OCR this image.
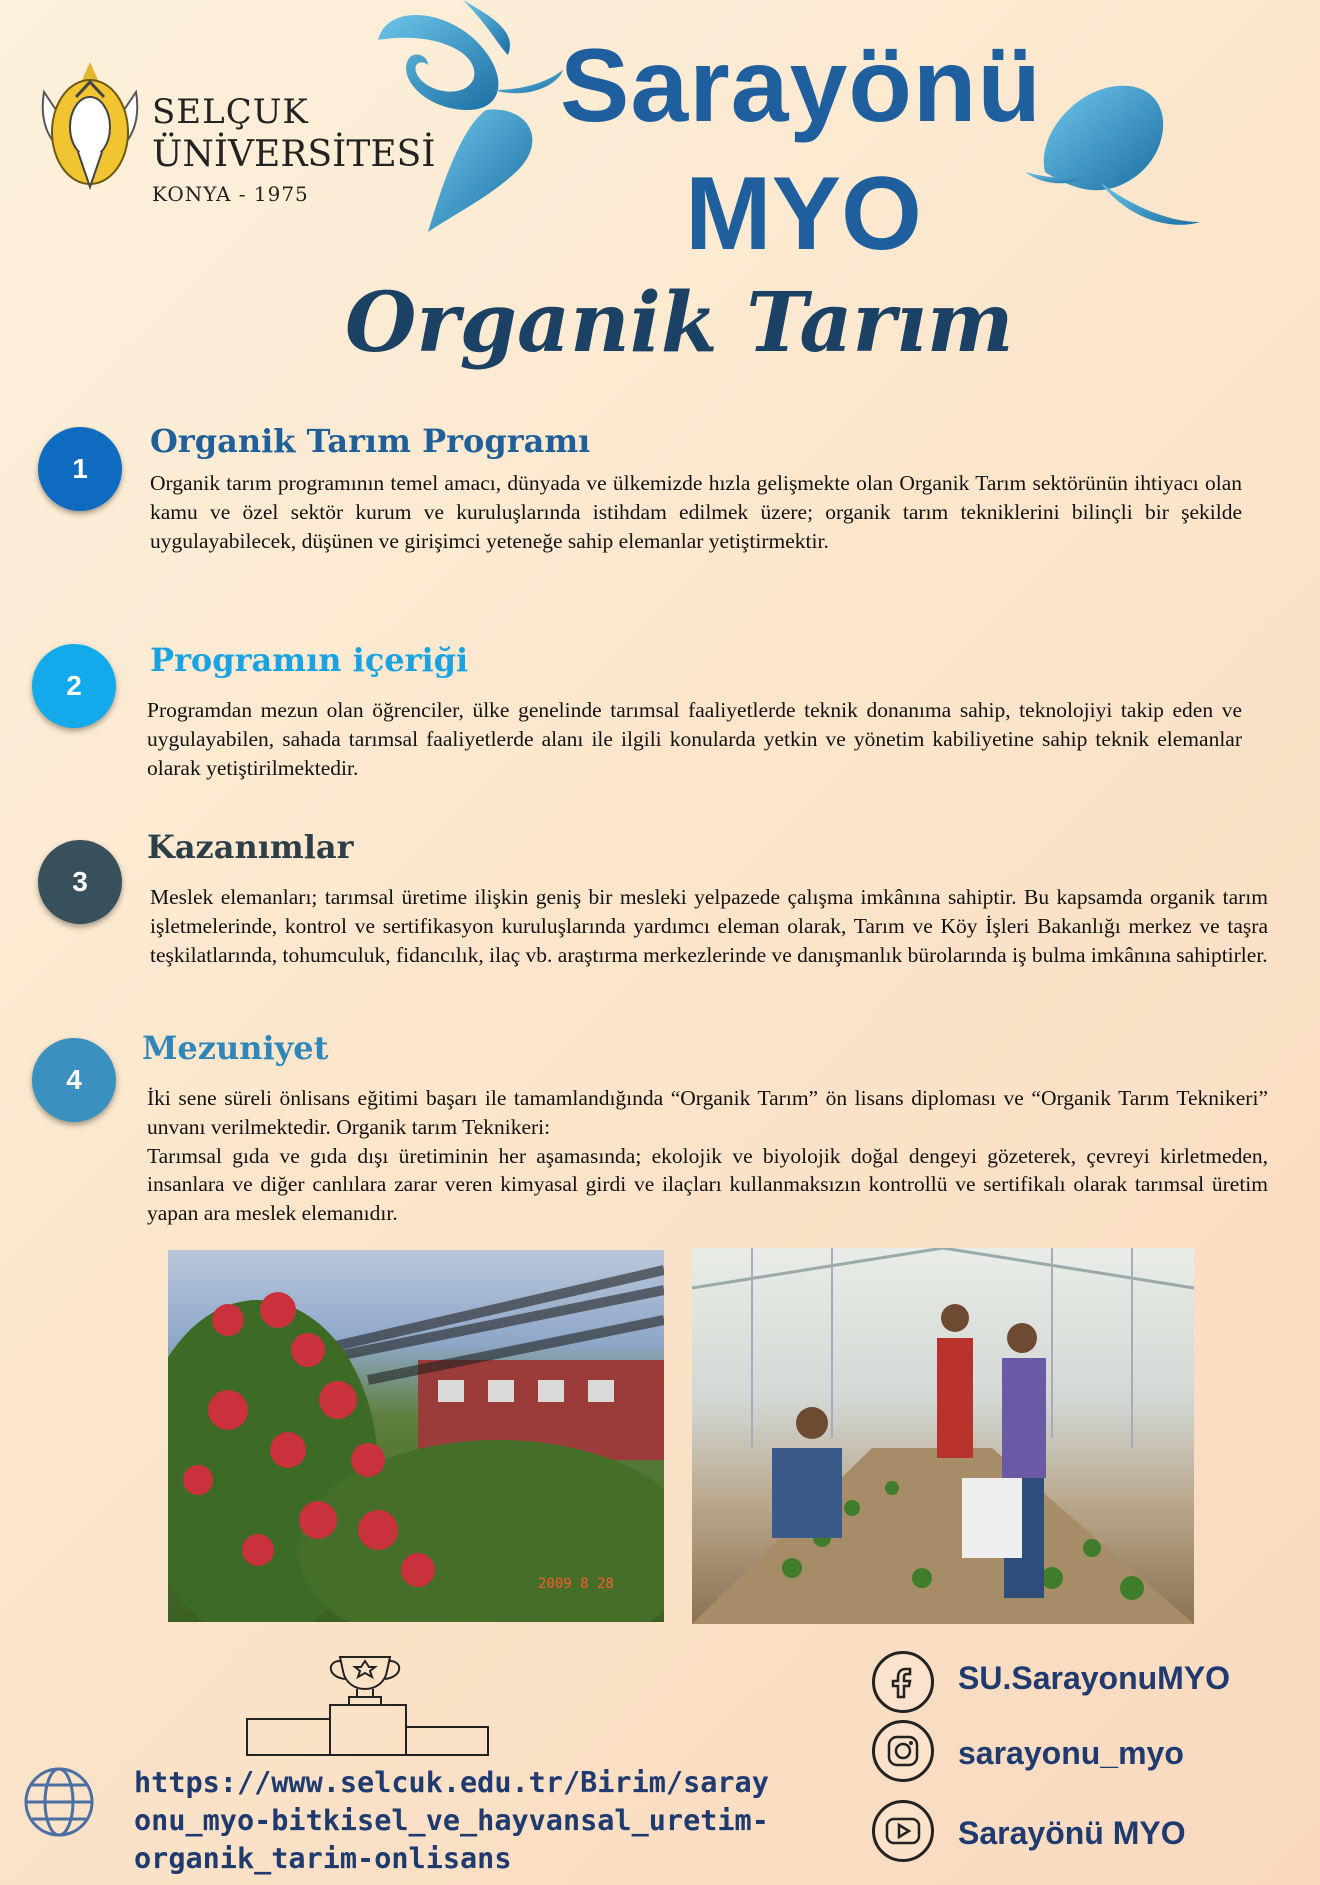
SELÇUK
ÜNİVERSİTESİ
KONYA - 1975
Sarayönü
MYO
Organik Tarım
1
Organik Tarım Programı
Organik tarım programının temel amacı, dünyada ve ülkemizde hızla gelişmekte olan Organik Tarım sektörünün ihtiyacı olan kamu ve özel sektör kurum ve kuruluşlarında istihdam edilmek üzere; organik tarım tekniklerini bilinçli bir şekilde uygulayabilecek, düşünen ve girişimci yeteneğe sahip elemanlar yetiştirmektir.
2
Programın içeriği
Programdan mezun olan öğrenciler, ülke genelinde tarımsal faaliyetlerde teknik donanıma sahip, teknolojiyi takip eden ve uygulayabilen, sahada tarımsal faaliyetlerde alanı ile ilgili konularda yetkin ve yönetim kabiliyetine sahip teknik elemanlar olarak yetiştirilmektedir.
3
Kazanımlar
Meslek elemanları; tarımsal üretime ilişkin geniş bir mesleki yelpazede çalışma imkânına sahiptir. Bu kapsamda organik tarım işletmelerinde, kontrol ve sertifikasyon kuruluşlarında yardımcı eleman olarak, Tarım ve Köy İşleri Bakanlığı merkez ve taşra teşkilatlarında, tohumculuk, fidancılık, ilaç vb. araştırma merkezlerinde ve danışmanlık bürolarında iş bulma imkânına sahiptirler.
4
Mezuniyet
İki sene süreli önlisans eğitimi başarı ile tamamlandığında “Organik Tarım” ön lisans diploması ve “Organik Tarım Teknikeri” unvanı verilmektedir. Organik tarım Teknikeri:
Tarımsal gıda ve gıda dışı üretiminin her aşamasında; ekolojik ve biyolojik doğal dengeyi gözeterek, çevreyi kirletmeden, insanlara ve diğer canlılara zarar veren kimyasal girdi ve ilaçları kullanmaksızın kontrollü ve sertifikalı olarak tarımsal üretim yapan ara meslek elemanıdır.
2009 8 28
https://www.selcuk.edu.tr/Birim/sarayonu_myo-bitkisel_ve_hayvansal_uretim-organik_tarim-onlisans
SU.SarayonuMYO
sarayonu_myo
Sarayönü MYO
